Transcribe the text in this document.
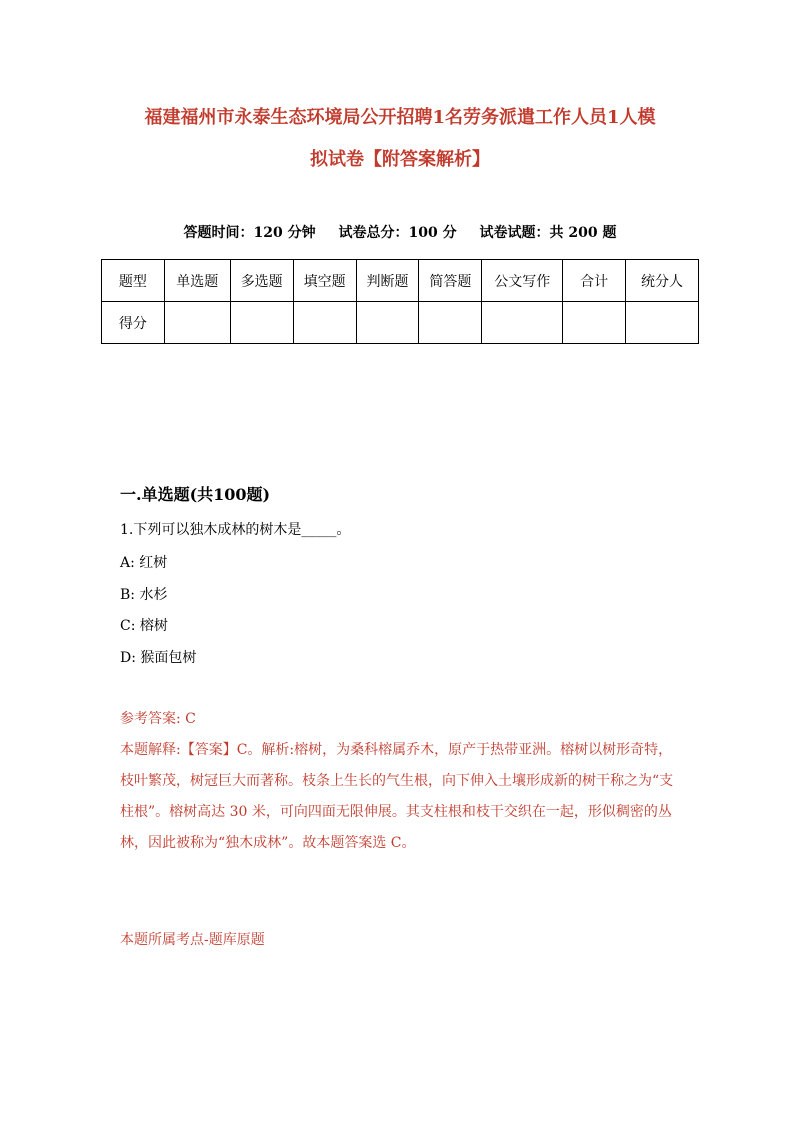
福建福州市永泰生态环境局公开招聘1名劳务派遣工作人员1人模
拟试卷【附答案解析】
答题时间：120 分钟 试卷总分：100 分 试卷试题：共 200 题
题型	单选题	多选题	填空题	判断题	简答题	公文写作	合计	统分人
得分								
一.单选题(共100题)
1.下列可以独木成林的树木是_____。
A: 红树
B: 水杉
C: 榕树
D: 猴面包树
参考答案: C
本题解释:【答案】C。解析:榕树，为桑科榕属乔木，原产于热带亚洲。榕树以树形奇特，枝叶繁茂，树冠巨大而著称。枝条上生长的气生根，向下伸入土壤形成新的树干称之为“支柱根”。榕树高达 30 米，可向四面无限伸展。其支柱根和枝干交织在一起，形似稠密的丛林，因此被称为“独木成林”。故本题答案选 C。
本题所属考点-题库原题
